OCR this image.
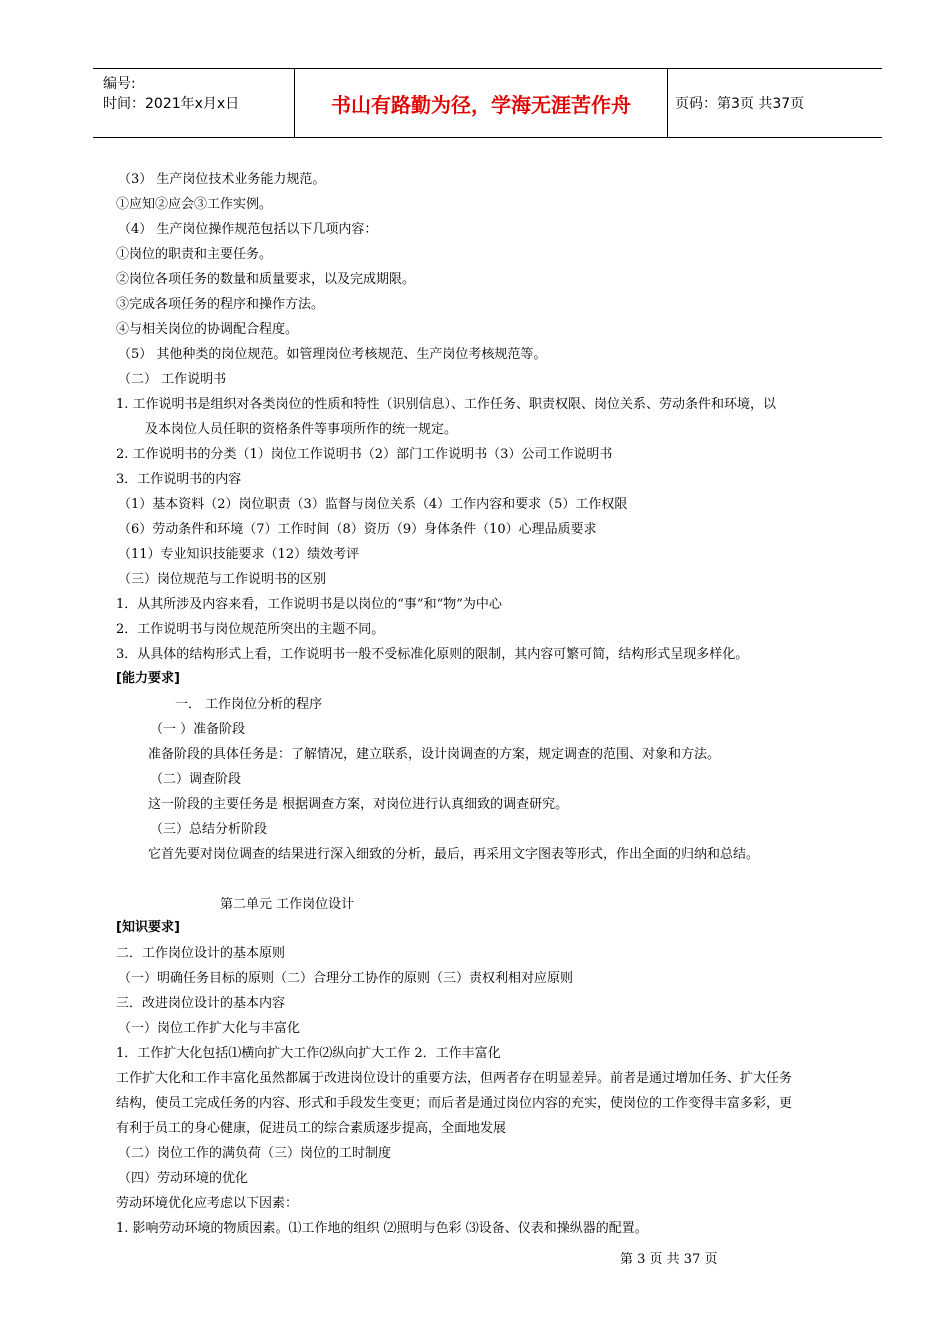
编号:
时间：2021年x月x日	书山有路勤为径，学海无涯苦作舟	页码：第3页 共37页
（3） 生产岗位技术业务能力规范。
①应知②应会③工作实例。
（4） 生产岗位操作规范包括以下几项内容：
①岗位的职责和主要任务。
②岗位各项任务的数量和质量要求，以及完成期限。
③完成各项任务的程序和操作方法。
④与相关岗位的协调配合程度。
（5） 其他种类的岗位规范。如管理岗位考核规范、生产岗位考核规范等。
（二） 工作说明书
1. 工作说明书是组织对各类岗位的性质和特性（识别信息）、工作任务、职责权限、岗位关系、劳动条件和环境，以
及本岗位人员任职的资格条件等事项所作的统一规定。
2. 工作说明书的分类（1）岗位工作说明书（2）部门工作说明书（3）公司工作说明书
3．工作说明书的内容
（1）基本资料（2）岗位职责（3）监督与岗位关系（4）工作内容和要求（5）工作权限
（6）劳动条件和环境（7）工作时间（8）资历（9）身体条件（10）心理品质要求
（11）专业知识技能要求（12）绩效考评
（三）岗位规范与工作说明书的区别
1．从其所涉及内容来看，工作说明书是以岗位的“事”和“物”为中心
2．工作说明书与岗位规范所突出的主题不同。
3．从具体的结构形式上看，工作说明书一般不受标准化原则的限制，其内容可繁可简，结构形式呈现多样化。
[能力要求]
一． 工作岗位分析的程序
（一 ）准备阶段
准备阶段的具体任务是：了解情况，建立联系，设计岗调查的方案，规定调查的范围、对象和方法。
（二）调查阶段
这一阶段的主要任务是 根据调查方案，对岗位进行认真细致的调查研究。
（三）总结分析阶段
它首先要对岗位调查的结果进行深入细致的分析，最后，再采用文字图表等形式，作出全面的归纳和总结。
第二单元 工作岗位设计
[知识要求]
二．工作岗位设计的基本原则
（一）明确任务目标的原则（二）合理分工协作的原则（三）责权利相对应原则
三．改进岗位设计的基本内容
（一）岗位工作扩大化与丰富化
1．工作扩大化包括⑴横向扩大工作⑵纵向扩大工作 2．工作丰富化
工作扩大化和工作丰富化虽然都属于改进岗位设计的重要方法，但两者存在明显差异。前者是通过增加任务、扩大任务
结构，使员工完成任务的内容、形式和手段发生变更；而后者是通过岗位内容的充实，使岗位的工作变得丰富多彩，更
有利于员工的身心健康，促进员工的综合素质逐步提高，全面地发展
（二）岗位工作的满负荷（三）岗位的工时制度
（四）劳动环境的优化
劳动环境优化应考虑以下因素：
1. 影响劳动环境的物质因素。⑴工作地的组织 ⑵照明与色彩 ⑶设备、仪表和操纵器的配置。
第 3 页 共 37 页
